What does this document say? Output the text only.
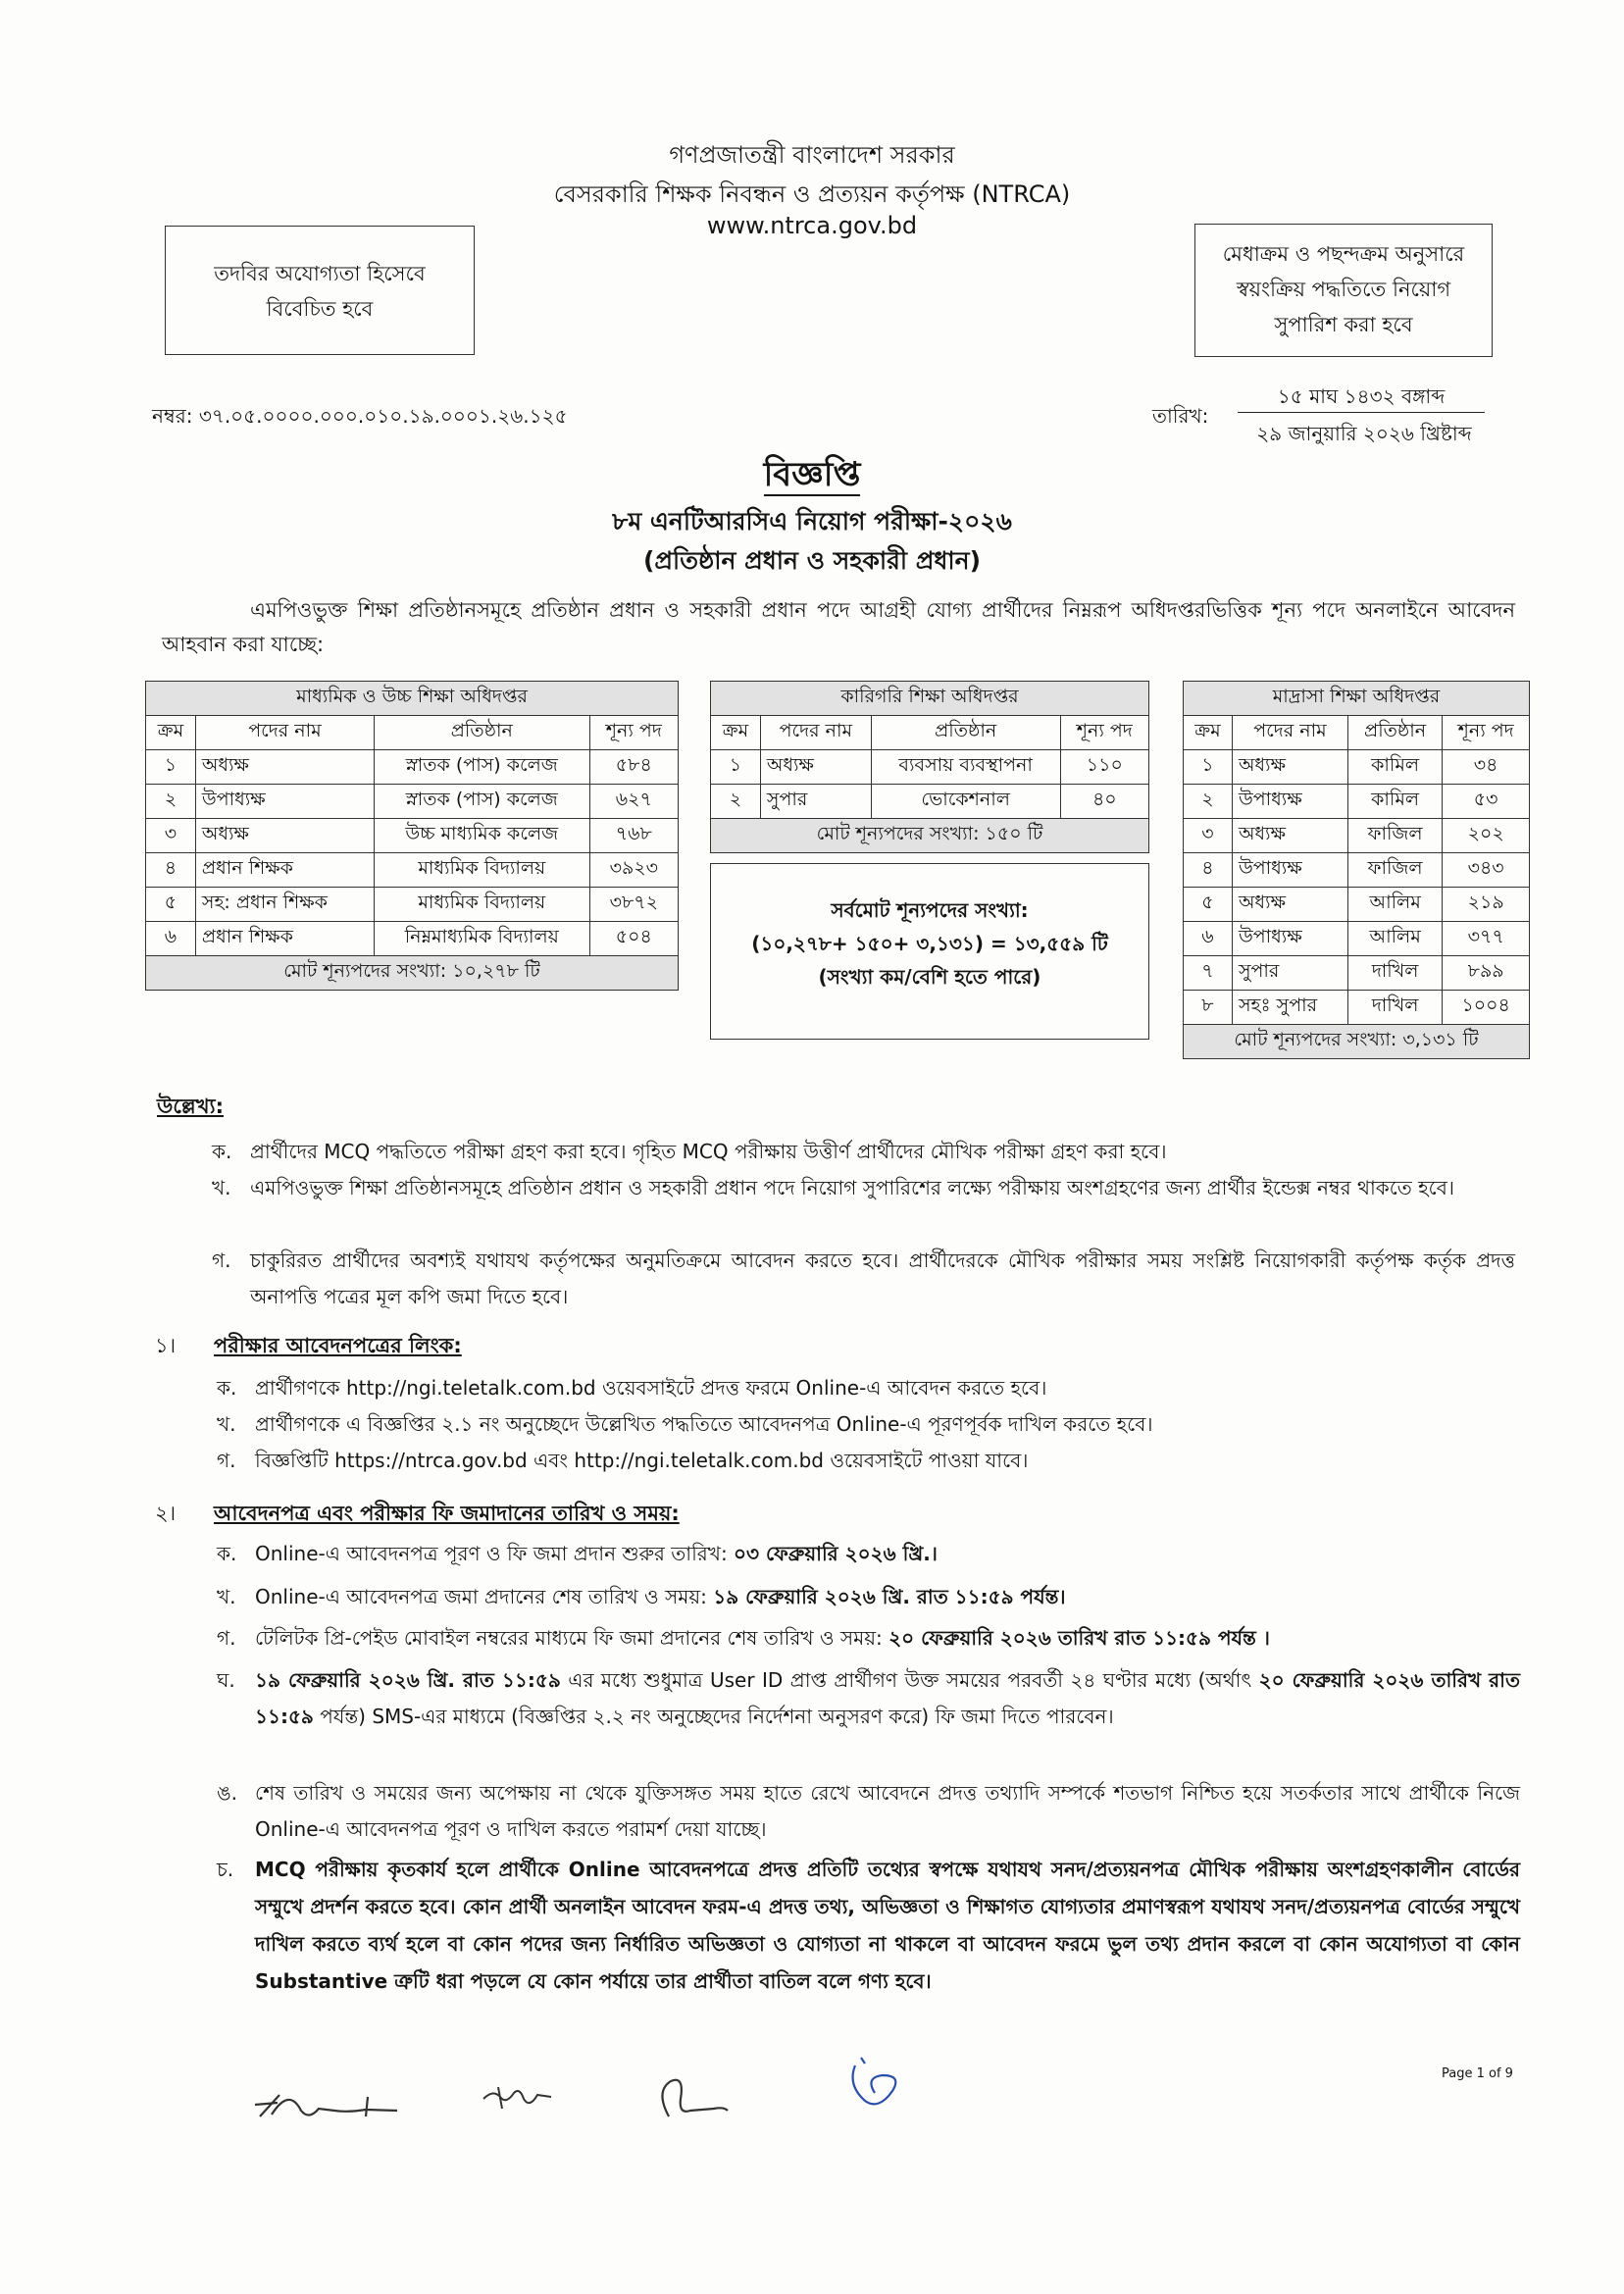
গণপ্রজাতন্ত্রী বাংলাদেশ সরকার
বেসরকারি শিক্ষক নিবন্ধন ও প্রত্যয়ন কর্তৃপক্ষ (NTRCA)
www.ntrca.gov.bd
তদবির অযোগ্যতা হিসেবে
বিবেচিত হবে
মেধাক্রম ও পছন্দক্রম অনুসারে
স্বয়ংক্রিয় পদ্ধতিতে নিয়োগ
সুপারিশ করা হবে
নম্বর: ৩৭.০৫.০০০০.০০০.০১০.১৯.০০০১.২৬.১২৫	তারিখ:
১৫ মাঘ ১৪৩২ বঙ্গাব্দ
২৯ জানুয়ারি ২০২৬ খ্রিষ্টাব্দ
বিজ্ঞপ্তি
৮ম এনটিআরসিএ নিয়োগ পরীক্ষা-২০২৬
(প্রতিষ্ঠান প্রধান ও সহকারী প্রধান)
এমপিওভুক্ত শিক্ষা প্রতিষ্ঠানসমূহে প্রতিষ্ঠান প্রধান ও সহকারী প্রধান পদে আগ্রহী যোগ্য প্রার্থীদের নিম্নরূপ অধিদপ্তরভিত্তিক শূন্য পদে অনলাইনে আবেদন আহবান করা যাচ্ছে:
মাধ্যমিক ও উচ্চ শিক্ষা অধিদপ্তর			
ক্রম	পদের নাম	প্রতিষ্ঠান	শূন্য পদ
১	অধ্যক্ষ	স্নাতক (পাস) কলেজ	৫৮৪
২	উপাধ্যক্ষ	স্নাতক (পাস) কলেজ	৬২৭
৩	অধ্যক্ষ	উচ্চ মাধ্যমিক কলেজ	৭৬৮
৪	প্রধান শিক্ষক	মাধ্যমিক বিদ্যালয়	৩৯২৩
৫	সহ: প্রধান শিক্ষক	মাধ্যমিক বিদ্যালয়	৩৮৭২
৬	প্রধান শিক্ষক	নিম্নমাধ্যমিক বিদ্যালয়	৫০৪
মোট শূন্যপদের সংখ্যা: ১০,২৭৮ টি			
কারিগরি শিক্ষা অধিদপ্তর			
ক্রম	পদের নাম	প্রতিষ্ঠান	শূন্য পদ
১	অধ্যক্ষ	ব্যবসায় ব্যবস্থাপনা	১১০
২	সুপার	ভোকেশনাল	৪০
মোট শূন্যপদের সংখ্যা: ১৫০ টি			
সর্বমোট শূন্যপদের সংখ্যা:
(১০,২৭৮+ ১৫০+ ৩,১৩১) = ১৩,৫৫৯ টি
(সংখ্যা কম/বেশি হতে পারে)
মাদ্রাসা শিক্ষা অধিদপ্তর			
ক্রম	পদের নাম	প্রতিষ্ঠান	শূন্য পদ
১	অধ্যক্ষ	কামিল	৩৪
২	উপাধ্যক্ষ	কামিল	৫৩
৩	অধ্যক্ষ	ফাজিল	২০২
৪	উপাধ্যক্ষ	ফাজিল	৩৪৩
৫	অধ্যক্ষ	আলিম	২১৯
৬	উপাধ্যক্ষ	আলিম	৩৭৭
৭	সুপার	দাখিল	৮৯৯
৮	সহঃ সুপার	দাখিল	১০০৪
মোট শূন্যপদের সংখ্যা: ৩,১৩১ টি			
উল্লেখ্য:
ক. প্রার্থীদের MCQ পদ্ধতিতে পরীক্ষা গ্রহণ করা হবে। গৃহিত MCQ পরীক্ষায় উত্তীর্ণ প্রার্থীদের মৌখিক পরীক্ষা গ্রহণ করা হবে।
খ. এমপিওভুক্ত শিক্ষা প্রতিষ্ঠানসমূহে প্রতিষ্ঠান প্রধান ও সহকারী প্রধান পদে নিয়োগ সুপারিশের লক্ষ্যে পরীক্ষায় অংশগ্রহণের জন্য প্রার্থীর ইন্ডেক্স নম্বর থাকতে হবে।
গ. চাকুরিরত প্রার্থীদের অবশ্যই যথাযথ কর্তৃপক্ষের অনুমতিক্রমে আবেদন করতে হবে। প্রার্থীদেরকে মৌখিক পরীক্ষার সময় সংশ্লিষ্ট নিয়োগকারী কর্তৃপক্ষ কর্তৃক প্রদত্ত অনাপত্তি পত্রের মূল কপি জমা দিতে হবে।
১। পরীক্ষার আবেদনপত্রের লিংক:
ক. প্রার্থীগণকে http://ngi.teletalk.com.bd ওয়েবসাইটে প্রদত্ত ফরমে Online-এ আবেদন করতে হবে।
খ. প্রার্থীগণকে এ বিজ্ঞপ্তির ২.১ নং অনুচ্ছেদে উল্লেখিত পদ্ধতিতে আবেদনপত্র Online-এ পূরণপূর্বক দাখিল করতে হবে।
গ. বিজ্ঞপ্তিটি https://ntrca.gov.bd এবং http://ngi.teletalk.com.bd ওয়েবসাইটে পাওয়া যাবে।
২। আবেদনপত্র এবং পরীক্ষার ফি জমাদানের তারিখ ও সময়:
ক. Online-এ আবেদনপত্র পূরণ ও ফি জমা প্রদান শুরুর তারিখ: ০৩ ফেব্রুয়ারি ২০২৬ খ্রি.।
খ. Online-এ আবেদনপত্র জমা প্রদানের শেষ তারিখ ও সময়: ১৯ ফেব্রুয়ারি ২০২৬ খ্রি. রাত ১১:৫৯ পর্যন্ত।
গ. টেলিটক প্রি-পেইড মোবাইল নম্বরের মাধ্যমে ফি জমা প্রদানের শেষ তারিখ ও সময়: ২০ ফেব্রুয়ারি ২০২৬ তারিখ রাত ১১:৫৯ পর্যন্ত ।
ঘ. ১৯ ফেব্রুয়ারি ২০২৬ খ্রি. রাত ১১:৫৯ এর মধ্যে শুধুমাত্র User ID প্রাপ্ত প্রার্থীগণ উক্ত সময়ের পরবর্তী ২৪ ঘণ্টার মধ্যে (অর্থাৎ ২০ ফেব্রুয়ারি ২০২৬ তারিখ রাত ১১:৫৯ পর্যন্ত) SMS-এর মাধ্যমে (বিজ্ঞপ্তির ২.২ নং অনুচ্ছেদের নির্দেশনা অনুসরণ করে) ফি জমা দিতে পারবেন।
ঙ. শেষ তারিখ ও সময়ের জন্য অপেক্ষায় না থেকে যুক্তিসঙ্গত সময় হাতে রেখে আবেদনে প্রদত্ত তথ্যাদি সম্পর্কে শতভাগ নিশ্চিত হয়ে সতর্কতার সাথে প্রার্থীকে নিজে Online-এ আবেদনপত্র পূরণ ও দাখিল করতে পরামর্শ দেয়া যাচ্ছে।
চ. MCQ পরীক্ষায় কৃতকার্য হলে প্রার্থীকে Online আবেদনপত্রে প্রদত্ত প্রতিটি তথ্যের স্বপক্ষে যথাযথ সনদ/প্রত্যয়নপত্র মৌখিক পরীক্ষায় অংশগ্রহণকালীন বোর্ডের সম্মুখে প্রদর্শন করতে হবে। কোন প্রার্থী অনলাইন আবেদন ফরম-এ প্রদত্ত তথ্য, অভিজ্ঞতা ও শিক্ষাগত যোগ্যতার প্রমাণস্বরূপ যথাযথ সনদ/প্রত্যয়নপত্র বোর্ডের সম্মুখে দাখিল করতে ব্যর্থ হলে বা কোন পদের জন্য নির্ধারিত অভিজ্ঞতা ও যোগ্যতা না থাকলে বা আবেদন ফরমে ভুল তথ্য প্রদান করলে বা কোন অযোগ্যতা বা কোন Substantive ত্রুটি ধরা পড়লে যে কোন পর্যায়ে তার প্রার্থীতা বাতিল বলে গণ্য হবে।
Page 1 of 9
